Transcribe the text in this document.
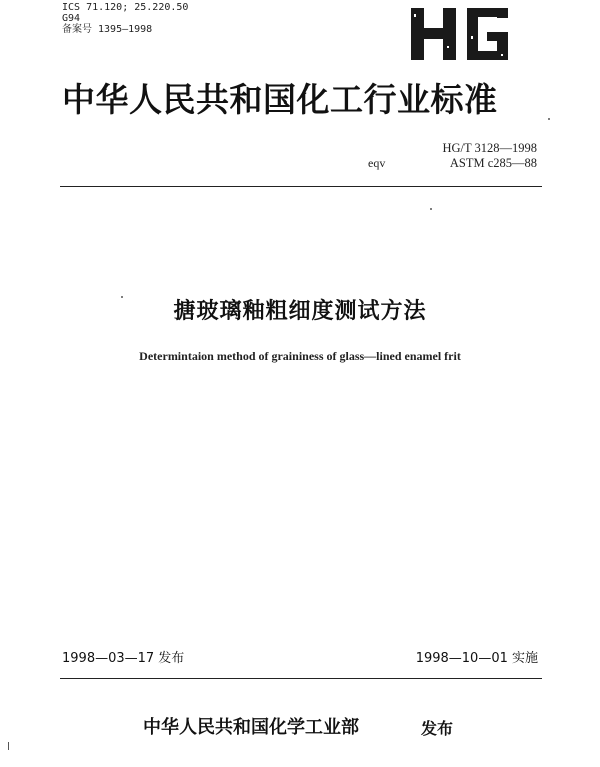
ICS 71.120; 25.220.50
G94
备案号 1395—1998
中华人民共和国化工行业标准
HG/T 3128—1998
eqv	ASTM c285—88
搪玻璃釉粗细度测试方法
Determintaion method of graininess of glass—lined enamel frit
1998—03—17 发布	1998—10—01 实施
中华人民共和国化学工业部	发布
